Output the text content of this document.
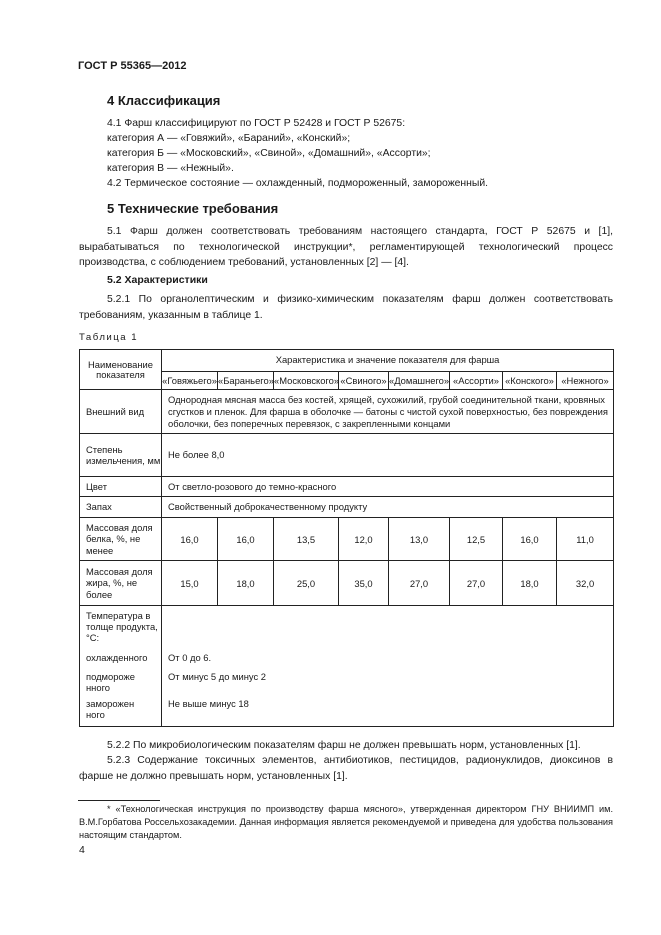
ГОСТ Р 55365—2012
4 Классификация
4.1 Фарш классифицируют по ГОСТ Р 52428 и ГОСТ Р 52675:
категория А — «Говяжий», «Бараний», «Конский»;
категория Б — «Московский», «Свиной», «Домашний», «Ассорти»;
категория В — «Нежный».
4.2 Термическое состояние — охлажденный, подмороженный, замороженный.
5 Технические требования
5.1 Фарш должен соответствовать требованиям настоящего стандарта, ГОСТ Р 52675 и [1], вырабатываться по технологической инструкции*, регламентирующей технологический процесс производства, с соблюдением требований, установленных [2] — [4].
5.2 Характеристики
5.2.1 По органолептическим и физико-химическим показателям фарш должен соответствовать требованиям, указанным в таблице 1.
Таблица 1
Наименование показателя	Характеристика и значение показателя для фарша							
	«Говяжьего»	«Бараньего»	«Московского»	«Свиного»	«Домашнего»	«Ассорти»	«Конского»	«Нежного»
Внешний вид	Однородная мясная масса без костей, хрящей, сухожилий, грубой соединительной ткани, кровяных сгустков и пленок. Для фарша в оболочке — батоны с чистой сухой поверхностью, без повреждения оболочки, без поперечных перевязок, с закрепленными концами							
Степень измельчения, мм	Не более 8,0							
Цвет	От светло-розового до темно-красного							
Запах	Свойственный доброкачественному продукту							
Массовая доля белка, %, не менее	16,0	16,0	13,5	12,0	13,0	12,5	16,0	11,0
Массовая доля жира, %, не более	15,0	18,0	25,0	35,0	27,0	27,0	18,0	32,0
Температура в толще продукта, °С:								
охлажденного	От 0 до 6.							
подмороженного	От минус 5 до минус 2							
замороженного	Не выше минус 18							
5.2.2 По микробиологическим показателям фарш не должен превышать норм, установленных [1].
5.2.3 Содержание токсичных элементов, антибиотиков, пестицидов, радионуклидов, диоксинов в фарше не должно превышать норм, установленных [1].
* «Технологическая инструкция по производству фарша мясного», утвержденная директором ГНУ ВНИИМП им. В.М.Горбатова Россельхозакадемии. Данная информация является рекомендуемой и приведена для удобства пользования настоящим стандартом.
4
